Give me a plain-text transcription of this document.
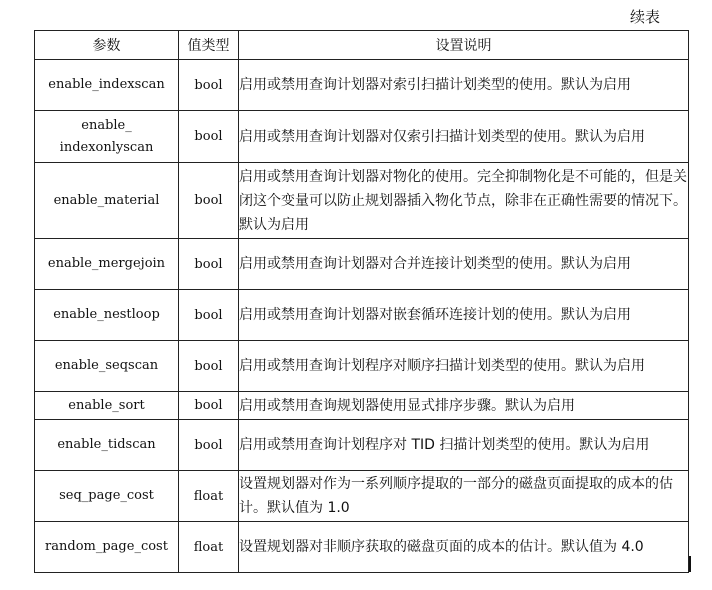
续表
参数	值类型	设置说明
enable_indexscan	bool	启用或禁用查询计划器对索引扫描计划类型的使用。默认为启用

enable_
indexonlyscan	bool	启用或禁用查询计划器对仅索引扫描计划类型的使用。默认为启用
enable_material	bool	启用或禁用查询计划器对物化的使用。完全抑制物化是不可能的，但是关闭这个变量可以防止规划器插入物化节点，除非在正确性需要的情况下。默认为启用
enable_mergejoin	bool	启用或禁用查询计划器对合并连接计划类型的使用。默认为启用
enable_nestloop	bool	启用或禁用查询计划器对嵌套循环连接计划的使用。默认为启用
enable_seqscan	bool	启用或禁用查询计划程序对顺序扫描计划类型的使用。默认为启用
enable_sort	bool	启用或禁用查询规划器使用显式排序步骤。默认为启用
enable_tidscan	bool	启用或禁用查询计划程序对 TID 扫描计划类型的使用。默认为启用
seq_page_cost	float	设置规划器对作为一系列顺序提取的一部分的磁盘页面提取的成本的估计。默认值为 1.0
random_page_cost	float	设置规划器对非顺序获取的磁盘页面的成本的估计。默认值为 4.0
